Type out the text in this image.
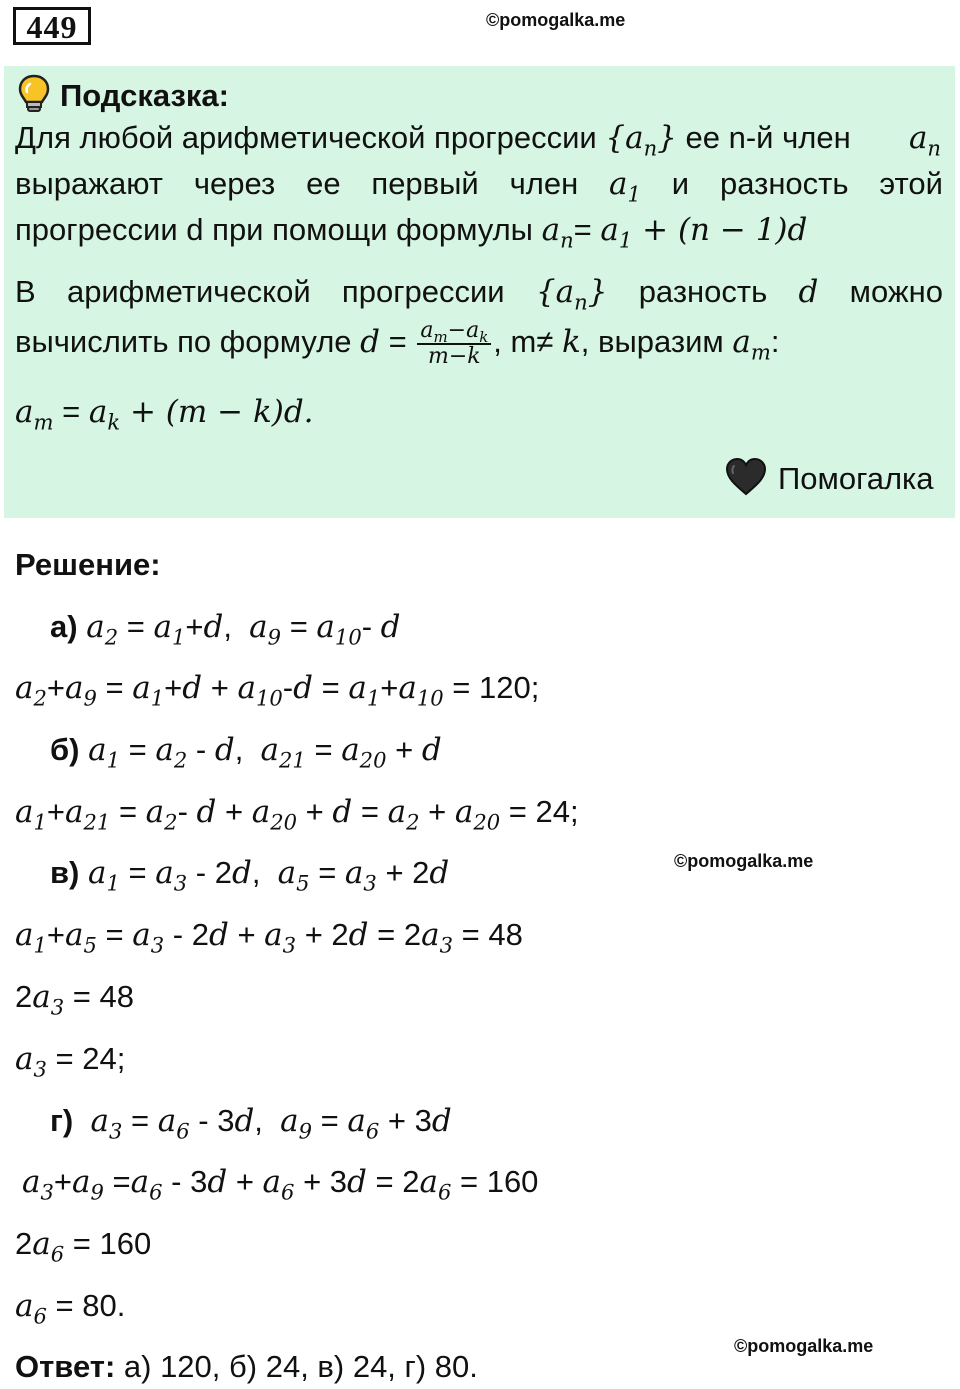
449	©pomogalka.me
Подсказка:
Для любой арифметической прогрессии $\{a_n\}$ ее n-й член $a_n$
выражают через ее первый член $a_1$ и разность этой
прогрессии d при помощи формулы $a_n= a_1 + (n - 1)d$
В арифметической прогрессии $\{a_n\}$ разность d можно
вычислить по формуле $d = \frac{a_m-a_k}{m-k}$ , m≠ k, выразим $a_m$:
$a_m = a_k + (m - k)d$.
Помогалка
Решение:
а) $a_2 = a_1+d$,  $a_9 = a_{10}-$ d
$a_2+a_9 = a_1+d + a_{10}-d = a_1+a_{10} = 120$;
б) $a_1 = a_2 - d$,  $a_{21} = a_{20} + d$
$a_1+a_{21} = a_2-$ $d + a_{20} + d = a_2 + a_{20} = 24$;
©pomogalka.me
в) $a_1 = a_3 - 2d$,  $a_5 = a_3 + 2d$
$a_1+a_5 = a_3 - 2d + a_3 + 2d = 2a_3 = 48$
$2a_3 = 48$
$a_3 = 24$;
г) $a_3 = a_6 - 3d$,  $a_9 = a_6 + 3d$
$a_3+a_9 =a_6 - 3d + a_6 + 3d = 2a_6 = 160$
$2a_6 = 160$
$a_6 = 80$.
©pomogalka.me
Ответ: а) 120, б) 24, в) 24, г) 80.
